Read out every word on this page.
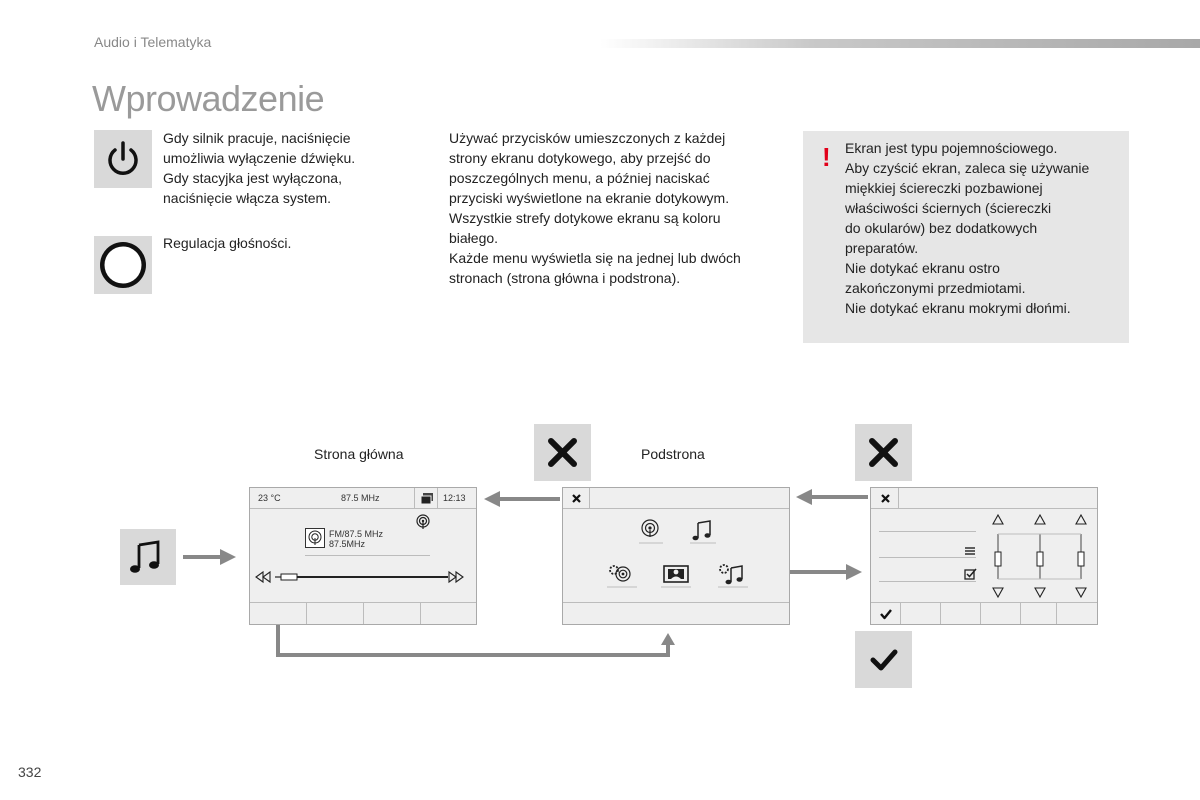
Audio i Telematyka
Wprowadzenie
Gdy silnik pracuje, naciśnięcie
umożliwia wyłączenie dźwięku.
Gdy stacyjka jest wyłączona,
naciśnięcie włącza system.
Regulacja głośności.
Używać przycisków umieszczonych z każdej
strony ekranu dotykowego, aby przejść do
poszczególnych menu, a później naciskać
przyciski wyświetlone na ekranie dotykowym.
Wszystkie strefy dotykowe ekranu są koloru
białego.
Każde menu wyświetla się na jednej lub dwóch
stronach (strona główna i podstrona).
! Ekran jest typu pojemnościowego.
Aby czyścić ekran, zaleca się używanie
miękkiej ściereczki pozbawionej
właściwości ściernych (ściereczki
do okularów) bez dodatkowych
preparatów.
Nie dotykać ekranu ostro
zakończonymi przedmiotami.
Nie dotykać ekranu mokrymi dłońmi.
Strona główna	Podstrona
23 °C	87.5 MHz	12:13
FM/87.5 MHz
87.5MHz
332
